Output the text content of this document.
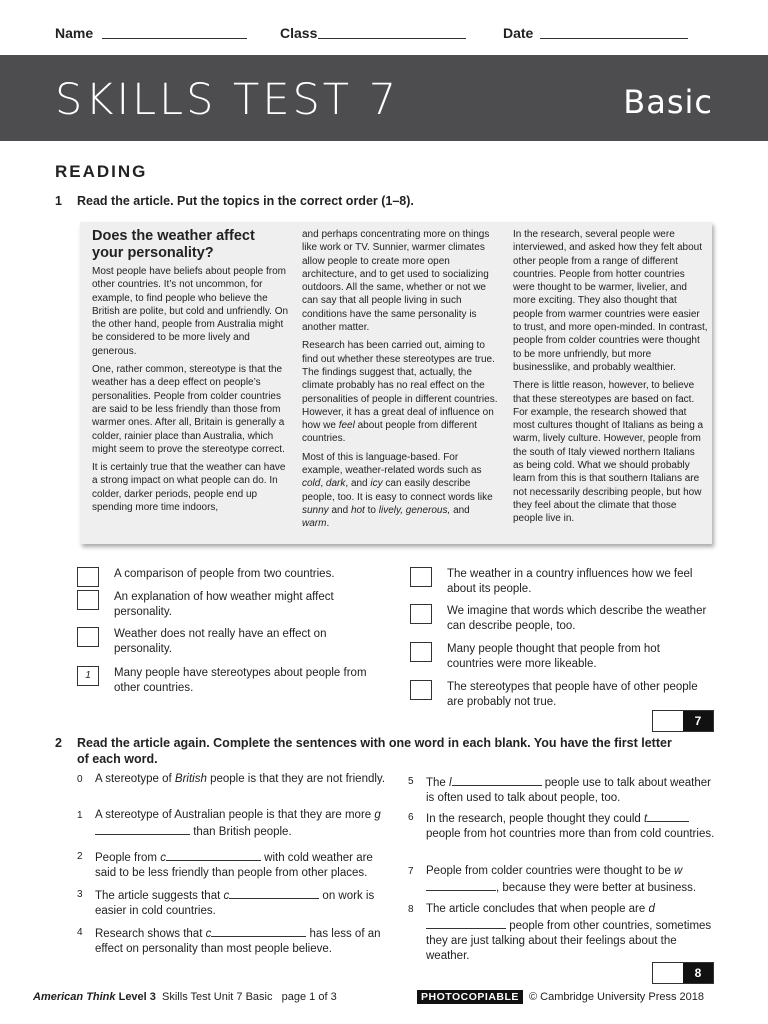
Name	Class	Date
SKILLS TEST 7	Basic
READING
1 Read the article. Put the topics in the correct order (1–8).
Does the weather affect your personality?

Most people have beliefs about people from other countries. It’s not uncommon, for example, to find people who believe the British are polite, but cold and unfriendly. On the other hand, people from Australia might be considered to be more lively and generous.

One, rather common, stereotype is that the weather has a deep effect on people’s personalities. People from colder countries are said to be less friendly than those from warmer ones. After all, Britain is generally a colder, rainier place than Australia, which might seem to prove the stereotype correct.

It is certainly true that the weather can have a strong impact on what people can do. In colder, darker periods, people end up spending more time indoors,

and perhaps concentrating more on things like work or TV. Sunnier, warmer climates allow people to create more open architecture, and to get used to socializing outdoors. All the same, whether or not we can say that all people living in such conditions have the same personality is another matter.

Research has been carried out, aiming to find out whether these stereotypes are true. The findings suggest that, actually, the climate probably has no real effect on the personalities of people in different countries. However, it has a great deal of influence on how we feel about people from different countries.

Most of this is language-based. For example, weather-related words such as cold, dark, and icy can easily describe people, too. It is easy to connect words like sunny and hot to lively, generous, and warm.

In the research, several people were interviewed, and asked how they felt about other people from a range of different countries. People from hotter countries were thought to be warmer, livelier, and more exciting. They also thought that people from warmer countries were easier to trust, and more open-minded. In contrast, people from colder countries were thought to be more unfriendly, but more businesslike, and probably wealthier.

There is little reason, however, to believe that these stereotypes are based on fact. For example, the research showed that most cultures thought of Italians as being a warm, lively culture. However, people from the south of Italy viewed northern Italians as being cold. What we should probably learn from this is that southern Italians are not necessarily describing people, but how they feel about the climate that those people live in.

A comparison of people from two countries.
An explanation of how weather might affect personality.
Weather does not really have an effect on personality.
1	Many people have stereotypes about people from other countries.
The weather in a country influences how we feel about its people.
We imagine that words which describe the weather can describe people, too.
Many people thought that people from hot countries were more likeable.
The stereotypes that people have of other people are probably not true.
7
2 Read the article again. Complete the sentences with one word in each blank. You have the first letter of each word.
0 A stereotype of British people is that they are not friendly.
1 A stereotype of Australian people is that they are more g than British people.
2 People from c	with cold weather are said to be less friendly than people from other places.
3 The article suggests that c	on work is easier in cold countries.
4 Research shows that c	has less of an effect on personality than most people believe.
5 The l	people use to talk about weather is often used to talk about people, too.
6 In the research, people thought they could t people from hot countries more than from cold countries.
7 People from colder countries were thought to be w, because they were better at business.
8 The article concludes that when people are d people from other countries, sometimes they are just talking about their feelings about the weather.
8
American Think Level 3 Skills Test Unit 7 Basic page 1 of 3	PHOTOCOPIABLE © Cambridge University Press 2018
